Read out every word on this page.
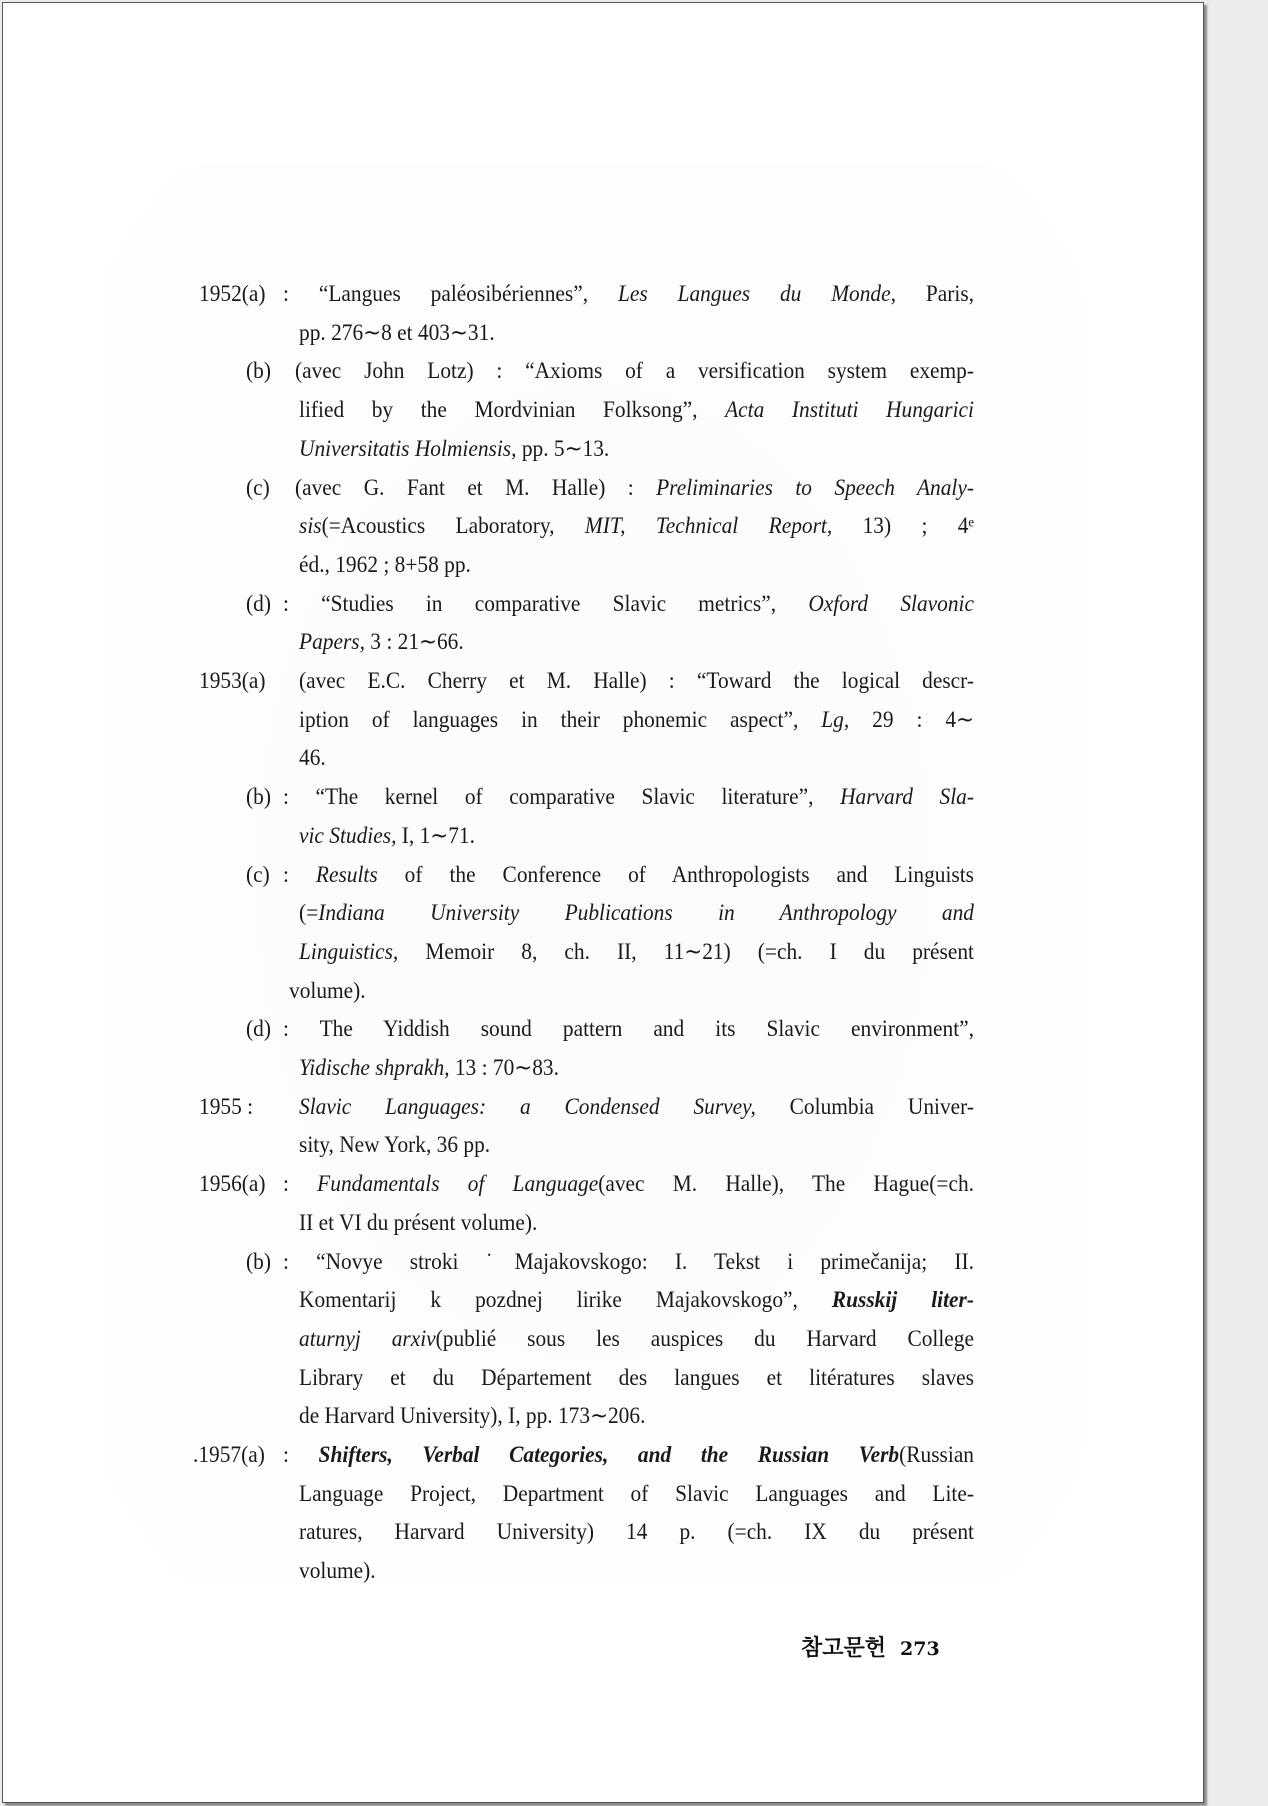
1952(a) : “Langues paléosibériennes”, Les Langues du Monde, Paris,
pp. 276∼8 et 403∼31.
(b) (avec John Lotz) : “Axioms of a versification system exemp-
lified by the Mordvinian Folksong”, Acta Instituti Hungarici
Universitatis Holmiensis, pp. 5∼13.
(c) (avec G. Fant et M. Halle) : Preliminaries to Speech Analy-
sis(=Acoustics Laboratory, MIT, Technical Report, 13) ; 4ᵉ
éd., 1962 ; 8+58 pp.
(d) : “Studies in comparative Slavic metrics”, Oxford Slavonic
Papers, 3 : 21∼66.
1953(a) (avec E.C. Cherry et M. Halle) : “Toward the logical descr-
iption of languages in their phonemic aspect”, Lg, 29 : 4∼
46.
(b) : “The kernel of comparative Slavic literature”, Harvard Sla-
vic Studies, I, 1∼71.
(c) : Results of the Conference of Anthropologists and Linguists
(=Indiana University Publications in Anthropology and
Linguistics, Memoir 8, ch. II, 11∼21) (=ch. I du présent
volume).
(d) : The Yiddish sound pattern and its Slavic environment”,
Yidische shprakh, 13 : 70∼83.
1955 : Slavic Languages: a Condensed Survey, Columbia Univer-
sity, New York, 36 pp.
1956(a) : Fundamentals of Language(avec M. Halle), The Hague(=ch.
II et VI du présent volume).
(b) : “Novye stroki ˙Majakovskogo: I. Tekst i primečanija; II.
Komentarij k pozdnej lirike Majakovskogo”, Russkij liter-
aturnyj arxiv(publié sous les auspices du Harvard College
Library et du Département des langues et litératures slaves
de Harvard University), I, pp. 173∼206.
.1957(a) : Shifters, Verbal Categories, and the Russian Verb(Russian
Language Project, Department of Slavic Languages and Lite-
ratures, Harvard University) 14 p. (=ch. IX du présent
volume).
참고문헌 273
